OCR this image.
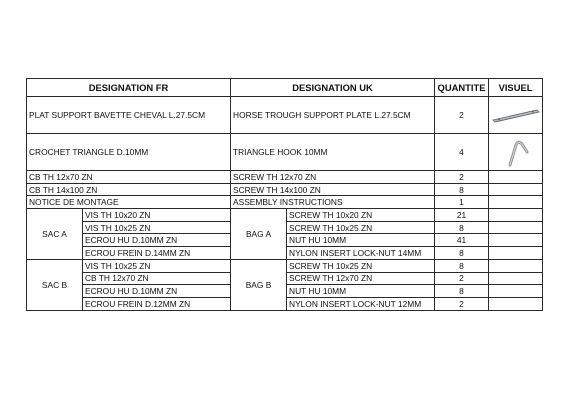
DESIGNATION FR		DESIGNATION UK		QUANTITE	VISUEL
PLAT SUPPORT BAVETTE CHEVAL L.27.5CM		HORSE TROUGH SUPPORT PLATE L.27.5CM		2	

CROCHET TRIANGLE D.10MM		TRIANGLE HOOK 10MM		4	

CB TH 12x70 ZN		SCREW TH 12x70 ZN		2	
CB TH 14x100 ZN		SCREW TH 14x100 ZN		8	
NOTICE DE MONTAGE		ASSEMBLY INSTRUCTIONS		1	
SAC A	VIS TH 10x20 ZN	BAG A	SCREW TH 10x20 ZN	21	
	VIS TH 10x25 ZN		SCREW TH 10x25 ZN	8	
	ECROU HU D.10MM ZN		NUT HU 10MM	41	
	ECROU FREIN D.14MM ZN		NYLON INSERT LOCK-NUT 14MM	8	
SAC B	VIS TH 10x25 ZN	BAG B	SCREW TH 10x25 ZN	8	
	CB TH 12x70 ZN		SCREW TH 12x70 ZN	2	
	ECROU HU D.10MM ZN		NUT HU 10MM	8	
	ECROU FREIN D.12MM ZN		NYLON INSERT LOCK-NUT 12MM	2	
